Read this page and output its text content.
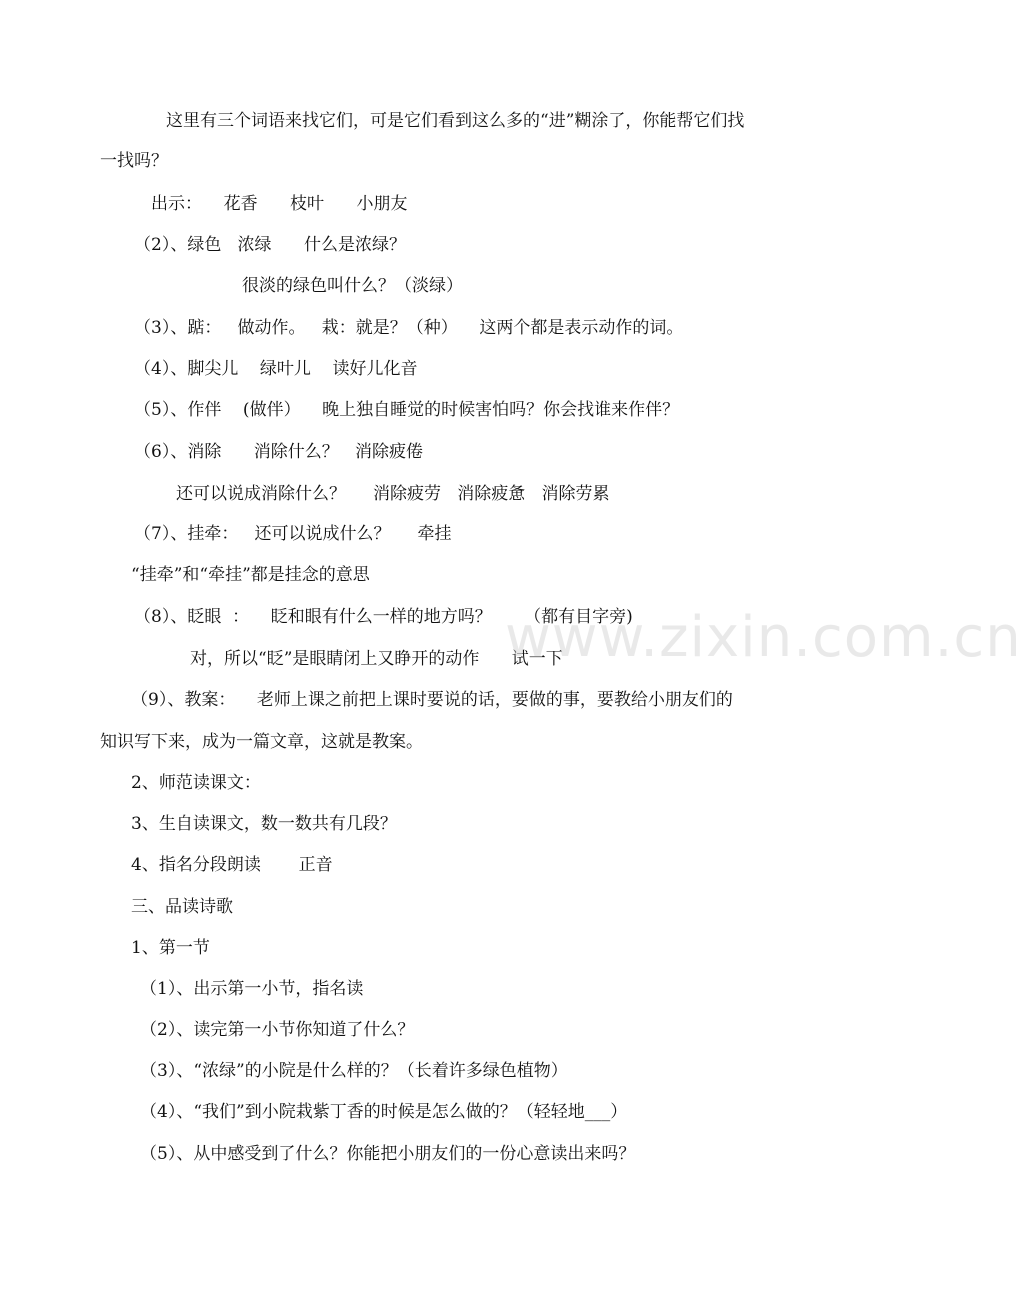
这里有三个词语来找它们，可是它们看到这么多的“进”糊涂了，你能帮它们找
一找吗？
出示：    花香      枝叶      小朋友
（2）、绿色   浓绿      什么是浓绿？
很淡的绿色叫什么？（淡绿）
（3）、踮：   做动作。   栽：就是？（种）    这两个都是表示动作的词。
（4）、脚尖儿    绿叶儿    读好儿化音
（5）、作伴    (做伴）    晚上独自睡觉的时候害怕吗？你会找谁来作伴？
（6）、消除      消除什么？   消除疲倦
还可以说成消除什么？     消除疲劳   消除疲惫   消除劳累
（7）、挂牵：   还可以说成什么？     牵挂
“挂牵”和“牵挂”都是挂念的意思
（8）、眨眼  ：    眨和眼有什么一样的地方吗？      （都有目字旁)
对，所以“眨”是眼睛闭上又睁开的动作      试一下
（9）、教案：    老师上课之前把上课时要说的话，要做的事，要教给小朋友们的
知识写下来，成为一篇文章，这就是教案。
2、师范读课文：
3、生自读课文，数一数共有几段？
4、指名分段朗读       正音
三、品读诗歌
1、第一节
（1）、出示第一小节，指名读
（2）、读完第一小节你知道了什么？
（3）、“浓绿”的小院是什么样的？（长着许多绿色植物）
（4）、“我们”到小院栽紫丁香的时候是怎么做的？（轻轻地___）
（5）、从中感受到了什么？你能把小朋友们的一份心意读出来吗？
www.zixin.com.cn
